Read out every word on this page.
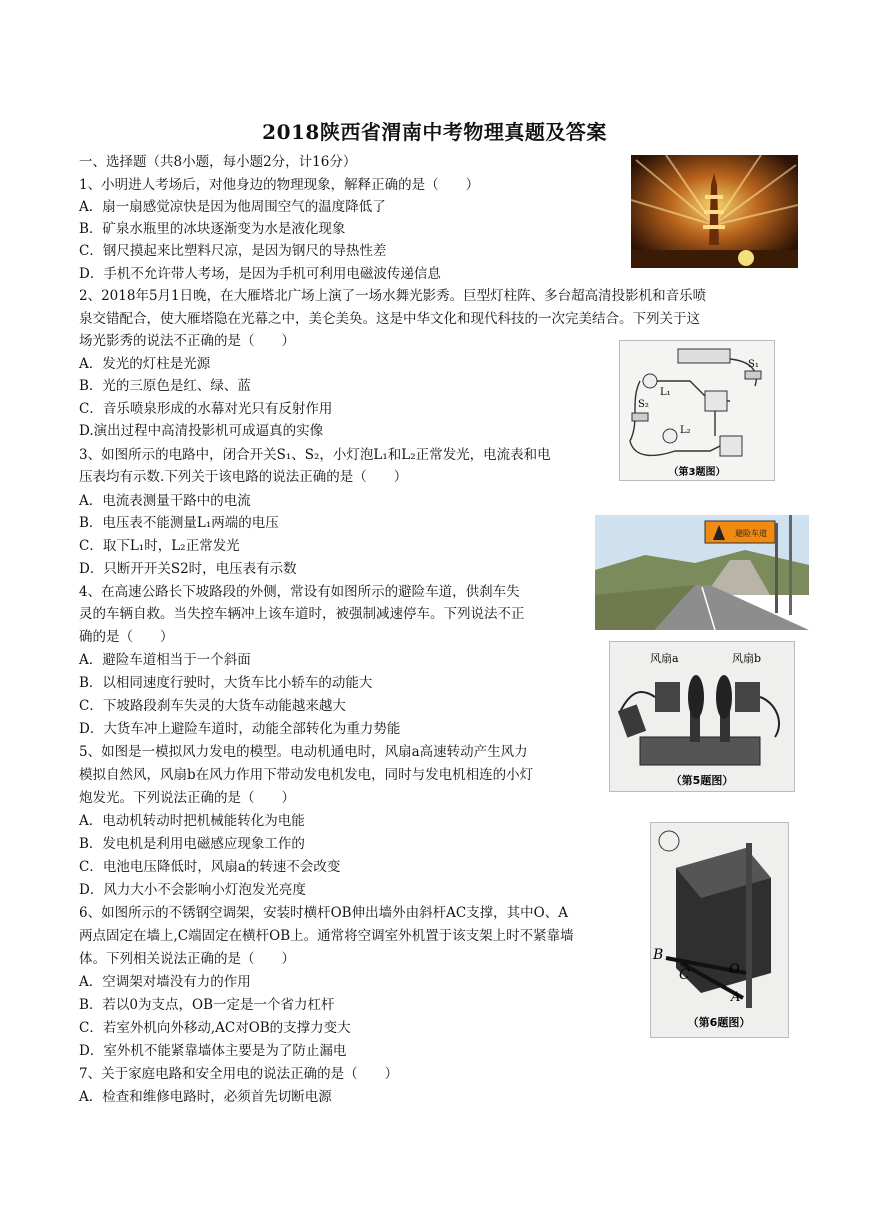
2018陕西省渭南中考物理真题及答案
一、选择题（共8小题，每小题2分，计16分）
1、小明进人考场后，对他身边的物理现象，解释正确的是（　　）
A．扇一扇感觉凉快是因为他周围空气的温度降低了
B．矿泉水瓶里的冰块逐渐变为水是液化现象
C．钢尺摸起来比塑料尺凉，是因为钢尺的导热性差
D．手机不允许带人考场，是因为手机可利用电磁波传递信息
2、2018年5月1日晚，在大雁塔北广场上演了一场水舞光影秀。巨型灯柱阵、多台超高清投影机和音乐喷
泉交错配合，使大雁塔隐在光幕之中，美仑美奂。这是中华文化和现代科技的一次完美结合。下列关于这
场光影秀的说法不正确的是（　　）
A．发光的灯柱是光源
B．光的三原色是红、绿、蓝
C．音乐喷泉形成的水幕对光只有反射作用
D.演出过程中高清投影机可成逼真的实像
3、如图所示的电路中，闭合开关S₁、S₂，小灯泡L₁和L₂正常发光，电流表和电
压表均有示数.下列关于该电路的说法正确的是（　　）
A．电流表测量干路中的电流
B．电压表不能测量L₁两端的电压
C．取下L₁时，L₂正常发光
D．只断开开关S2时，电压表有示数
4、在高速公路长下坡路段的外侧，常设有如图所示的避险车道，供刹车失
灵的车辆自救。当失控车辆冲上该车道时，被强制减速停车。下列说法不正
确的是（　　）
A．避险车道相当于一个斜面
B．以相同速度行驶时，大货车比小轿车的动能大
C．下坡路段刹车失灵的大货车动能越来越大
D．大货车冲上避险车道时，动能全部转化为重力势能
5、如图是一模拟风力发电的模型。电动机通电时，风扇a高速转动产生风力
模拟自然风，风扇b在风力作用下带动发电机发电，同时与发电机相连的小灯
炮发光。下列说法正确的是（　　）
A．电动机转动时把机械能转化为电能
B．发电机是利用电磁感应现象工作的
C．电池电压降低时，风扇a的转速不会改变
D．风力大小不会影响小灯泡发光亮度
6、如图所示的不锈钢空调架，安装时横杆OB伸出墙外由斜杆AC支撑，其中O、A
两点固定在墙上,C端固定在横杆OB上。通常将空调室外机置于该支架上时不紧靠墙
体。下列相关说法正确的是（　　）
A．空调架对墙没有力的作用
B．若以0为支点，OB一定是一个省力杠杆
C．若室外机向外移动,AC对OB的支撑力变大
D．室外机不能紧靠墙体主要是为了防止漏电
7、关于家庭电路和安全用电的说法正确的是（　　）
A．检查和维修电路时，必须首先切断电源
S₁
S₂
L₁
L₂
（第3题图）
避险车道
风扇a	风扇b
（第5题图）
B
C	O
A
（第6题图）
